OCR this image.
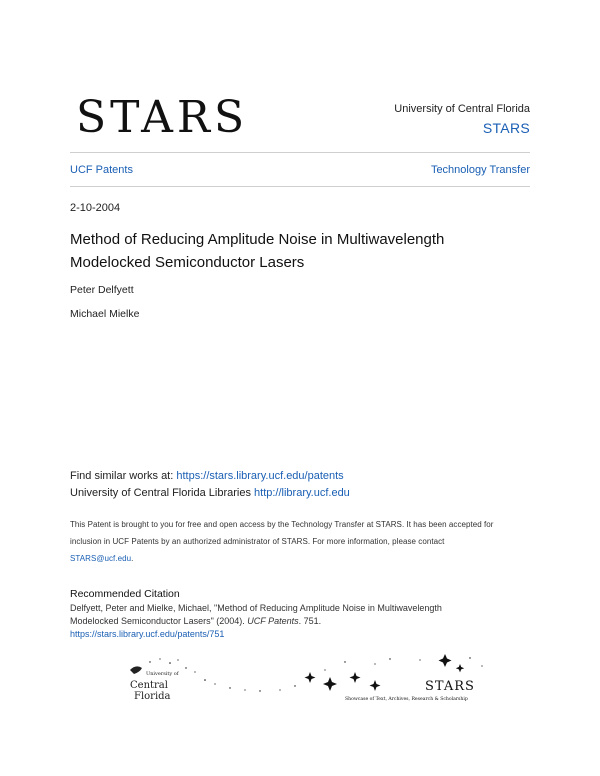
STARS	University of Central Florida
STARS
UCF Patents	Technology Transfer
2-10-2004
Method of Reducing Amplitude Noise in Multiwavelength
Modelocked Semiconductor Lasers
Peter Delfyett
Michael Mielke
Find similar works at: https://stars.library.ucf.edu/patents
University of Central Florida Libraries http://library.ucf.edu
This Patent is brought to you for free and open access by the Technology Transfer at STARS. It has been accepted for
inclusion in UCF Patents by an authorized administrator of STARS. For more information, please contact
STARS@ucf.edu.
Recommended Citation
Delfyett, Peter and Mielke, Michael, "Method of Reducing Amplitude Noise in Multiwavelength
Modelocked Semiconductor Lasers" (2004). UCF Patents. 751.
https://stars.library.ucf.edu/patents/751
University of
Central
Florida
STARS
Showcase of Text, Archives, Research & Scholarship
